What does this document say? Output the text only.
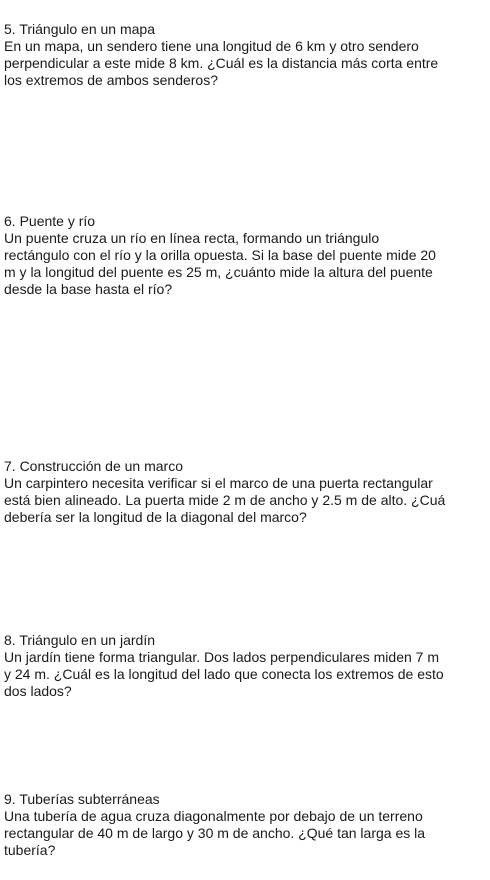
5. Triángulo en un mapa
En un mapa, un sendero tiene una longitud de 6 km y otro sendero
perpendicular a este mide 8 km. ¿Cuál es la distancia más corta entre
los extremos de ambos senderos?
6. Puente y río
Un puente cruza un río en línea recta, formando un triángulo
rectángulo con el río y la orilla opuesta. Si la base del puente mide 20
m y la longitud del puente es 25 m, ¿cuánto mide la altura del puente
desde la base hasta el río?
7. Construcción de un marco
Un carpintero necesita verificar si el marco de una puerta rectangular
está bien alineado. La puerta mide 2 m de ancho y 2.5 m de alto. ¿Cuá
debería ser la longitud de la diagonal del marco?
8. Triángulo en un jardín
Un jardín tiene forma triangular. Dos lados perpendiculares miden 7 m
y 24 m. ¿Cuál es la longitud del lado que conecta los extremos de esto
dos lados?
9. Tuberías subterráneas
Una tubería de agua cruza diagonalmente por debajo de un terreno
rectangular de 40 m de largo y 30 m de ancho. ¿Qué tan larga es la
tubería?
